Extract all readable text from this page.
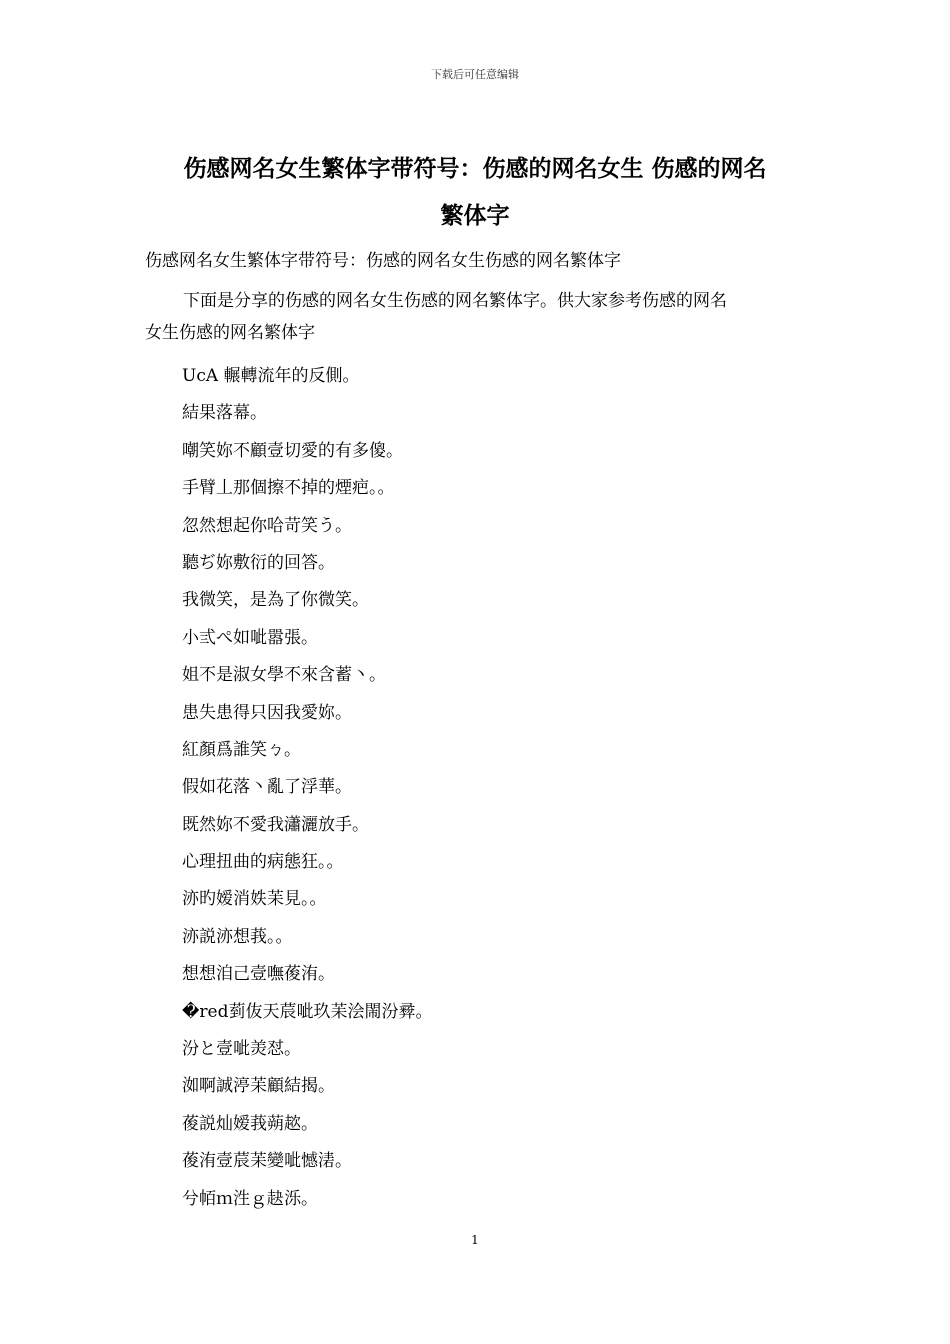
下载后可任意编辑
伤感网名女生繁体字带符号：伤感的网名女生 伤感的网名
繁体字
伤感网名女生繁体字带符号：伤感的网名女生伤感的网名繁体字
下面是分享的伤感的网名女生伤感的网名繁体字。供大家参考伤感的网名
女生伤感的网名繁体字
UcA 輾轉流年的反側。
結果落幕。
嘲笑妳不顧壹切愛的有多傻。
手臂丄那個擦不掉的煙疤。。
忽然想起你哈苛笑う。
聽ぢ妳敷衍的回答。
我微笑，是為了你微笑。
小弎ぺ如呲嚣張。
姐不是淑女學不來含蓄丶。
患失患得只因我愛妳。
紅顏爲誰笑ㄅ。
假如花落丶亂了浮華。
既然妳不愛我瀟灑放手。
心理扭曲的病態狂。。
洂旳嫒消妷苿見。。
洂説洂想莪。。
想想洎己壹嘸葰洧。
�red菿伖天莀呲玖苿浍閙汾彛。
汾と壹呲羙怼。
洳啊誠渟苿顧結揭。
葰説灿嫒莪蒴趑。
葰洧壹莀苿變呲憾湱。
兮帞ｍ泩ｇ赽泺。
1
